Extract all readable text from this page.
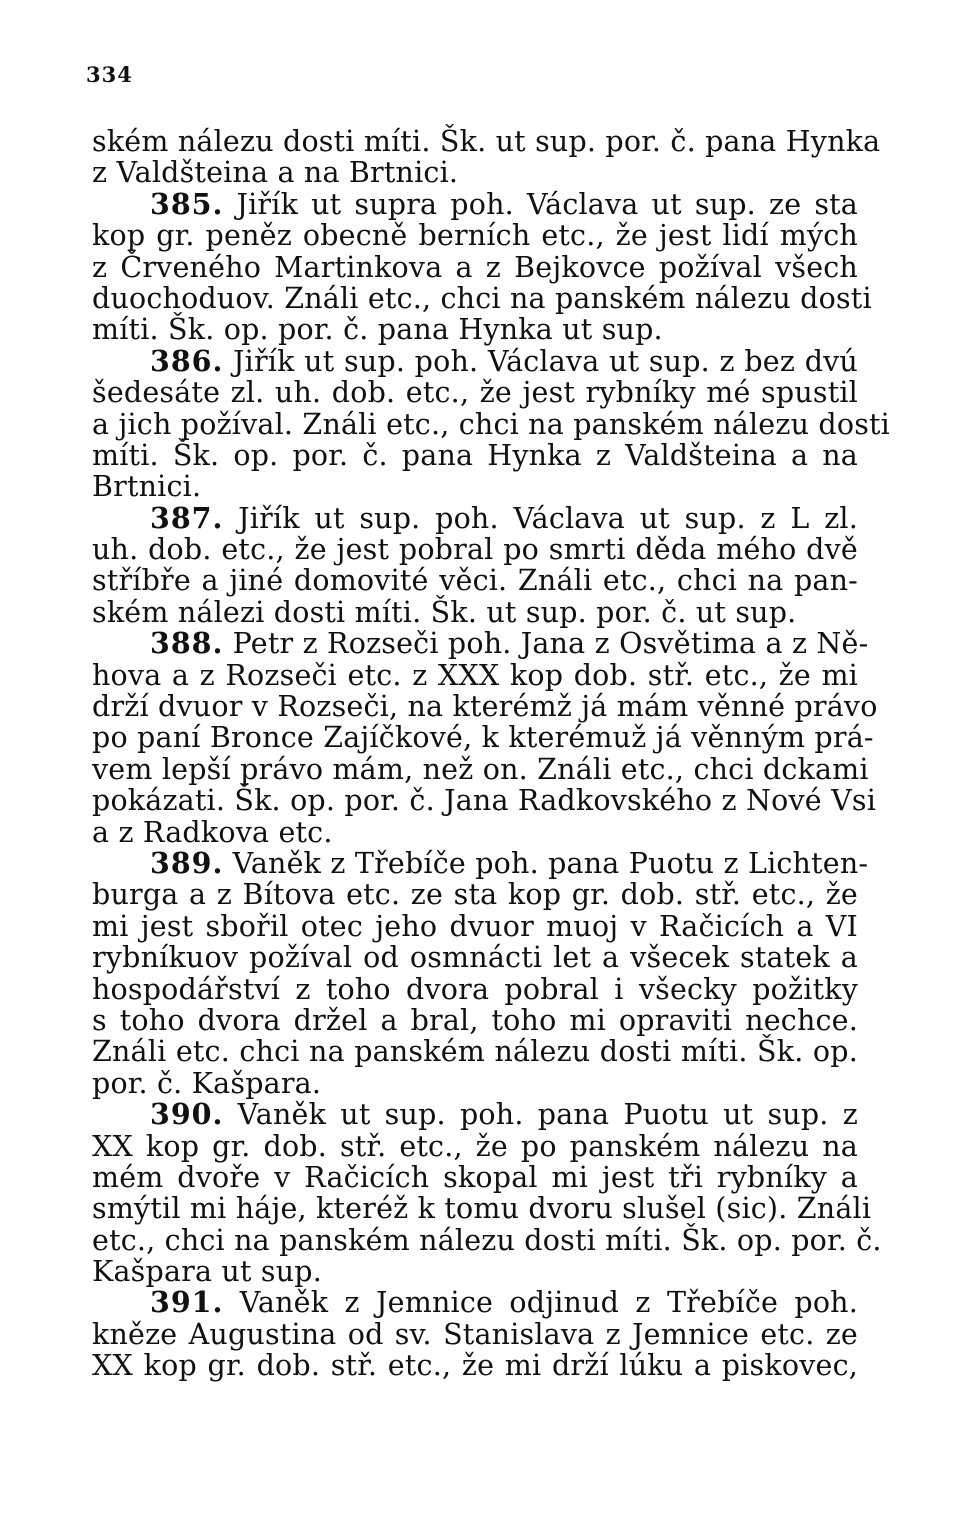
334
ském nálezu dosti míti. Šk. ut sup. por. č. pana Hynka
z Valdšteina a na Brtnici.
385. Jiřík ut supra poh. Václava ut sup. ze sta
kop gr. peněz obecně berních etc., že jest lidí mých
z Črveného Martinkova a z Bejkovce požíval všech
duochoduov. Ználi etc., chci na panském nálezu dosti
míti. Šk. op. por. č. pana Hynka ut sup.
386. Jiřík ut sup. poh. Václava ut sup. z bez dvú
šedesáte zl. uh. dob. etc., že jest rybníky mé spustil
a jich požíval. Ználi etc., chci na panském nálezu dosti
míti. Šk. op. por. č. pana Hynka z Valdšteina a na
Brtnici.
387. Jiřík ut sup. poh. Václava ut sup. z L zl.
uh. dob. etc., že jest pobral po smrti děda mého dvě
stříbře a jiné domovité věci. Ználi etc., chci na pan-
ském nálezi dosti míti. Šk. ut sup. por. č. ut sup.
388. Petr z Rozseči poh. Jana z Osvětima a z Ně-
hova a z Rozseči etc. z XXX kop dob. stř. etc., že mi
drží dvuor v Rozseči, na kterémž já mám věnné právo
po paní Bronce Zajíčkové, k kterémuž já věnným prá-
vem lepší právo mám, než on. Ználi etc., chci dckami
pokázati. Šk. op. por. č. Jana Radkovského z Nové Vsi
a z Radkova etc.
389. Vaněk z Třebíče poh. pana Puotu z Lichten-
burga a z Bítova etc. ze sta kop gr. dob. stř. etc., že
mi jest sbořil otec jeho dvuor muoj v Račicích a VI
rybníkuov požíval od osmnácti let a všecek statek a
hospodářství z toho dvora pobral i všecky požitky
s toho dvora držel a bral, toho mi opraviti nechce.
Ználi etc. chci na panském nálezu dosti míti. Šk. op.
por. č. Kašpara.
390. Vaněk ut sup. poh. pana Puotu ut sup. z
XX kop gr. dob. stř. etc., že po panském nálezu na
mém dvoře v Račicích skopal mi jest tři rybníky a
smýtil mi háje, kteréž k tomu dvoru slušel (sic). Ználi
etc., chci na panském nálezu dosti míti. Šk. op. por. č.
Kašpara ut sup.
391. Vaněk z Jemnice odjinud z Třebíče poh.
kněze Augustina od sv. Stanislava z Jemnice etc. ze
XX kop gr. dob. stř. etc., že mi drží lúku a piskovec,
